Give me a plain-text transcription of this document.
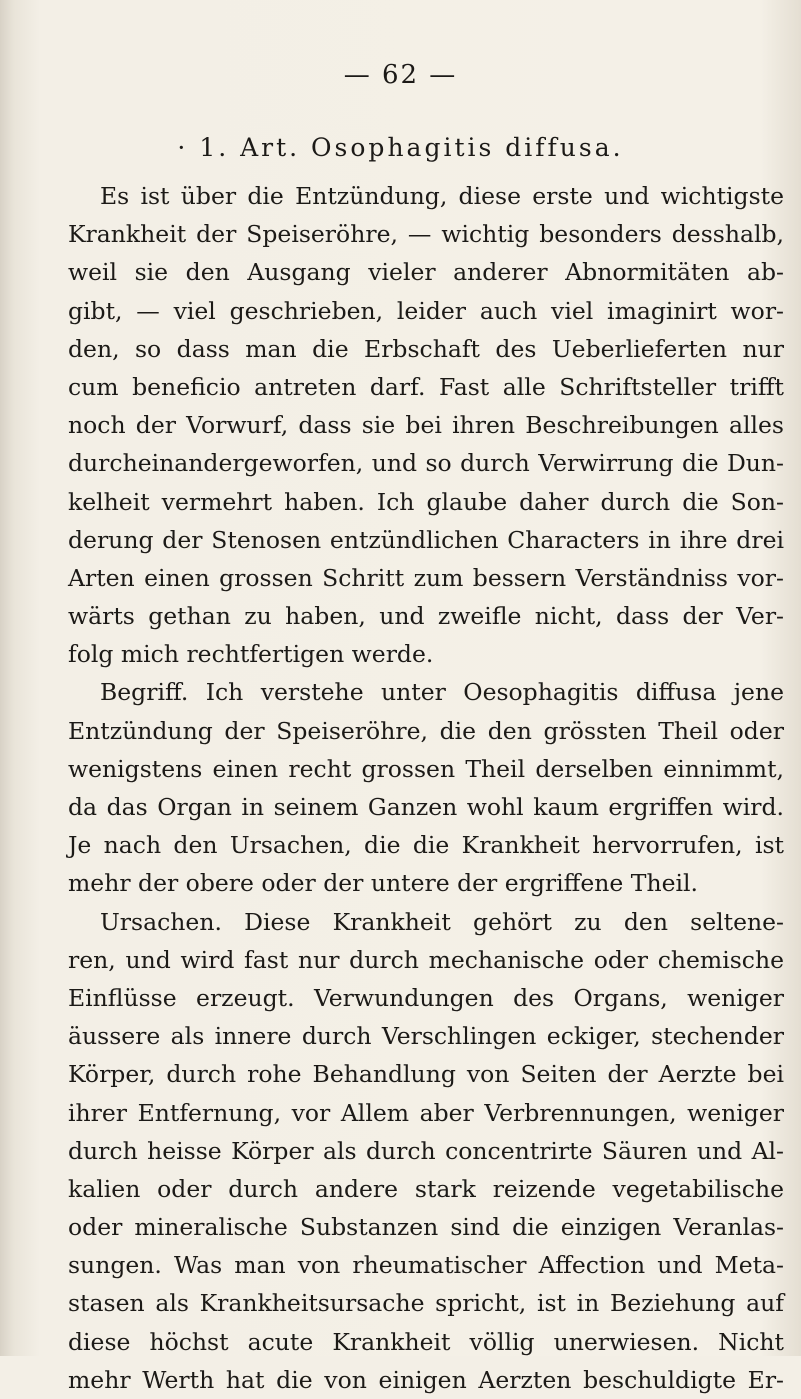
— 62 —
· 1. Art. Osophagitis diffusa.
Es ist über die Entzündung, diese erste und wichtigste
Krankheit der Speiseröhre, — wichtig besonders desshalb,
weil sie den Ausgang vieler anderer Abnormitäten ab-
gibt, — viel geschrieben, leider auch viel imaginirt wor-
den, so dass man die Erbschaft des Ueberlieferten nur
cum beneficio antreten darf. Fast alle Schriftsteller trifft
noch der Vorwurf, dass sie bei ihren Beschreibungen alles
durcheinandergeworfen, und so durch Verwirrung die Dun-
kelheit vermehrt haben. Ich glaube daher durch die Son-
derung der Stenosen entzündlichen Characters in ihre drei
Arten einen grossen Schritt zum bessern Verständniss vor-
wärts gethan zu haben, und zweifle nicht, dass der Ver-
folg mich rechtfertigen werde.
Begriff. Ich verstehe unter Oesophagitis diffusa jene
Entzündung der Speiseröhre, die den grössten Theil oder
wenigstens einen recht grossen Theil derselben einnimmt,
da das Organ in seinem Ganzen wohl kaum ergriffen wird.
Je nach den Ursachen, die die Krankheit hervorrufen, ist
mehr der obere oder der untere der ergriffene Theil.
Ursachen. Diese Krankheit gehört zu den seltene-
ren, und wird fast nur durch mechanische oder chemische
Einflüsse erzeugt. Verwundungen des Organs, weniger
äussere als innere durch Verschlingen eckiger, stechender
Körper, durch rohe Behandlung von Seiten der Aerzte bei
ihrer Entfernung, vor Allem aber Verbrennungen, weniger
durch heisse Körper als durch concentrirte Säuren und Al-
kalien oder durch andere stark reizende vegetabilische
oder mineralische Substanzen sind die einzigen Veranlas-
sungen. Was man von rheumatischer Affection und Meta-
stasen als Krankheitsursache spricht, ist in Beziehung auf
diese höchst acute Krankheit völlig unerwiesen. Nicht
mehr Werth hat die von einigen Aerzten beschuldigte Er-
